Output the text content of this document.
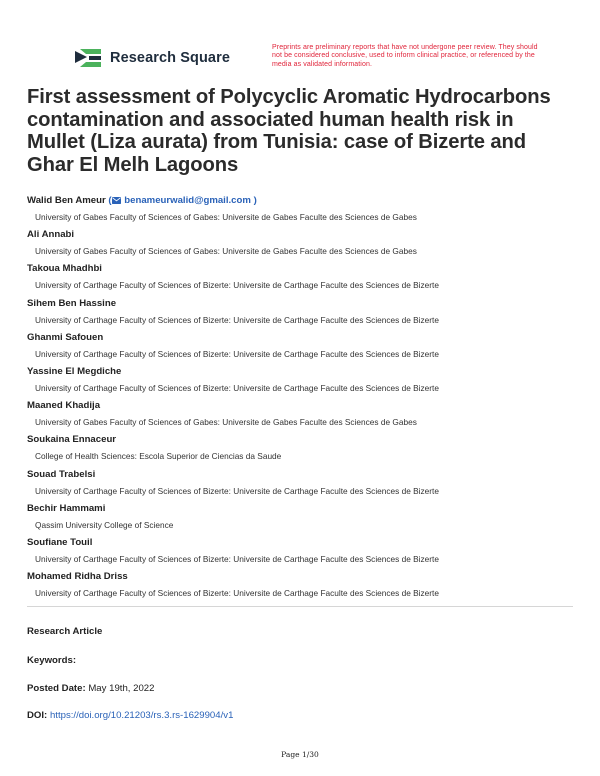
Research Square
Preprints are preliminary reports that have not undergone peer review. They should not be considered conclusive, used to inform clinical practice, or referenced by the media as validated information.
First assessment of Polycyclic Aromatic Hydrocarbons contamination and associated human health risk in Mullet (Liza aurata) from Tunisia: case of Bizerte and Ghar El Melh Lagoons
Walid Ben Ameur ( benameurwalid@gmail.com )
University of Gabes Faculty of Sciences of Gabes: Universite de Gabes Faculte des Sciences de Gabes
Ali Annabi
University of Gabes Faculty of Sciences of Gabes: Universite de Gabes Faculte des Sciences de Gabes
Takoua Mhadhbi
University of Carthage Faculty of Sciences of Bizerte: Universite de Carthage Faculte des Sciences de Bizerte
Sihem Ben Hassine
University of Carthage Faculty of Sciences of Bizerte: Universite de Carthage Faculte des Sciences de Bizerte
Ghanmi Safouen
University of Carthage Faculty of Sciences of Bizerte: Universite de Carthage Faculte des Sciences de Bizerte
Yassine El Megdiche
University of Carthage Faculty of Sciences of Bizerte: Universite de Carthage Faculte des Sciences de Bizerte
Maaned Khadija
University of Gabes Faculty of Sciences of Gabes: Universite de Gabes Faculte des Sciences de Gabes
Soukaina Ennaceur
College of Health Sciences: Escola Superior de Ciencias da Saude
Souad Trabelsi
University of Carthage Faculty of Sciences of Bizerte: Universite de Carthage Faculte des Sciences de Bizerte
Bechir Hammami
Qassim University College of Science
Soufiane Touil
University of Carthage Faculty of Sciences of Bizerte: Universite de Carthage Faculte des Sciences de Bizerte
Mohamed Ridha Driss
University of Carthage Faculty of Sciences of Bizerte: Universite de Carthage Faculte des Sciences de Bizerte
Research Article
Keywords:
Posted Date: May 19th, 2022
DOI: https://doi.org/10.21203/rs.3.rs-1629904/v1
Page 1/30
